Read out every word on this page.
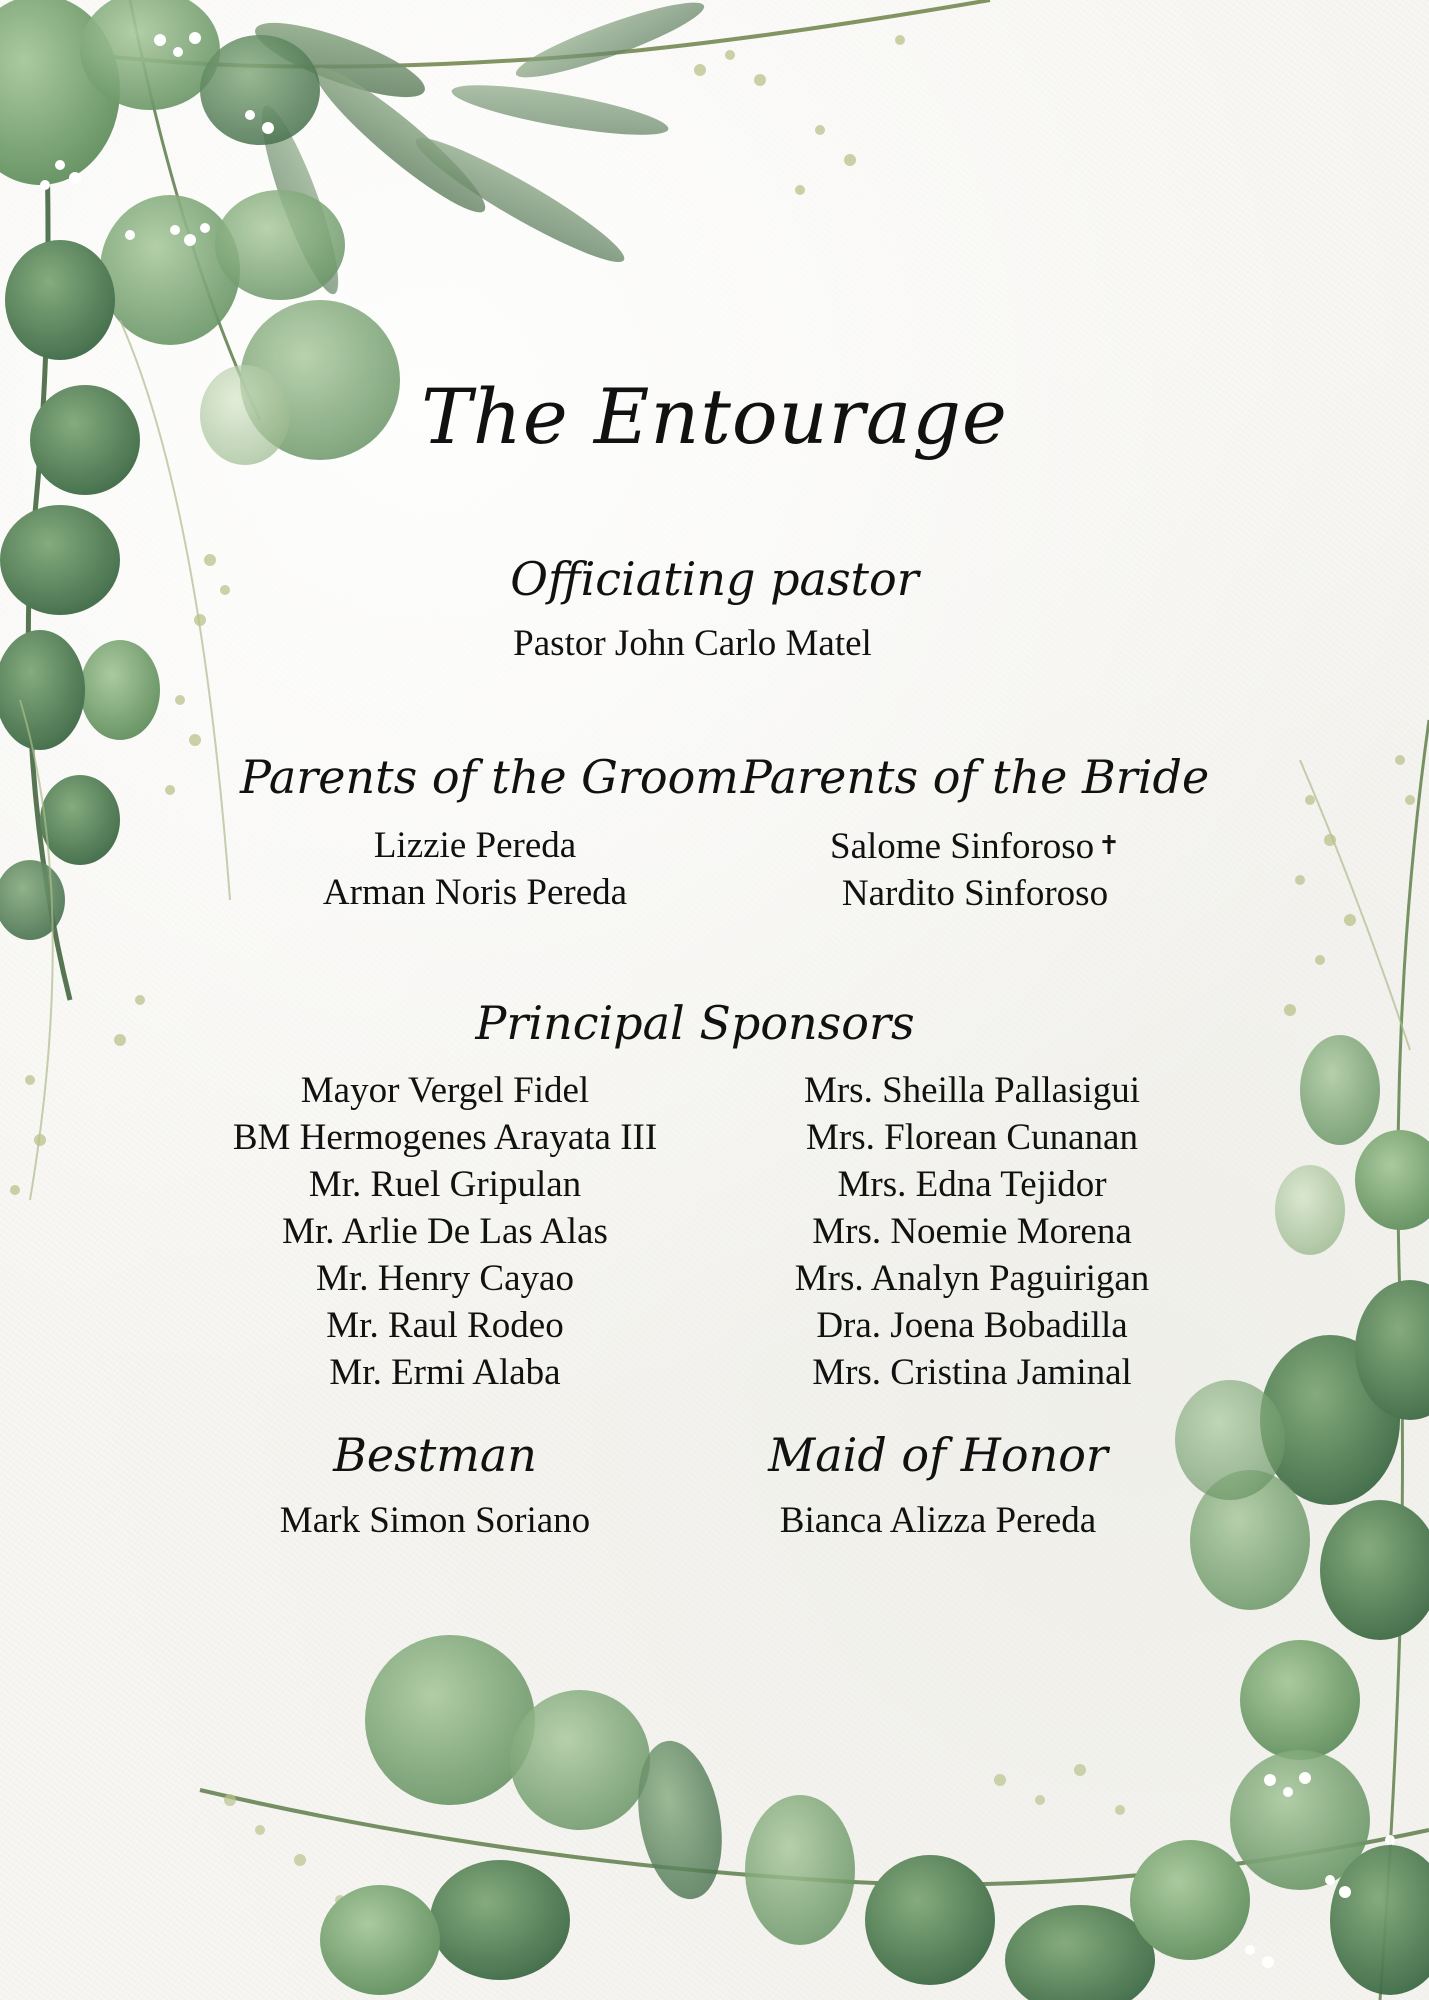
The Entourage
Officiating pastor
Pastor John Carlo Matel
Parents of the Groom
Lizzie Pereda
Arman Noris Pereda
Parents of the Bride
Salome Sinforoso ✝
Nardito Sinforoso
Principal Sponsors
Mayor Vergel Fidel
BM Hermogenes Arayata III
Mr. Ruel Gripulan
Mr. Arlie De Las Alas
Mr. Henry Cayao
Mr. Raul Rodeo
Mr. Ermi Alaba
Mrs. Sheilla Pallasigui
Mrs. Florean Cunanan
Mrs. Edna Tejidor
Mrs. Noemie Morena
Mrs. Analyn Paguirigan
Dra. Joena Bobadilla
Mrs. Cristina Jaminal
Bestman
Mark Simon Soriano
Maid of Honor
Bianca Alizza Pereda
